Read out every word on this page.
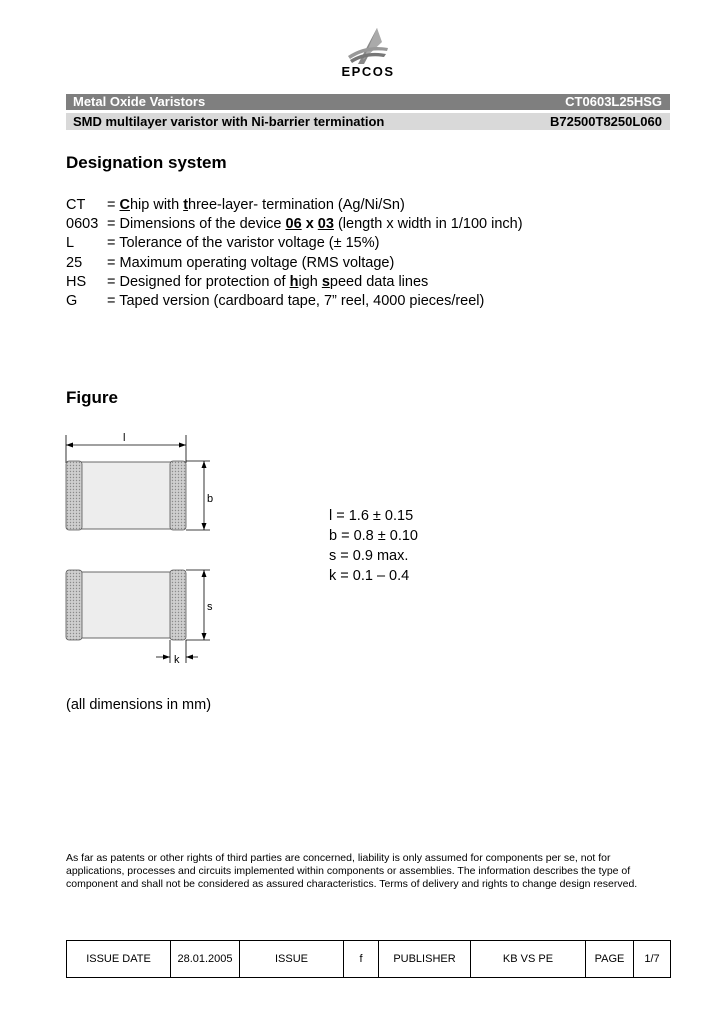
EPCOS
Metal Oxide Varistors	CT0603L25HSG
SMD multilayer varistor with Ni-barrier termination	B72500T8250L060
Designation system
CT = Chip with three-layer- termination (Ag/Ni/Sn)
0603 = Dimensions of the device 06 x 03 (length x width in 1/100 inch)
L = Tolerance of the varistor voltage (± 15%)
25 = Maximum operating voltage (RMS voltage)
HS = Designed for protection of high speed data lines
G = Taped version (cardboard tape, 7” reel, 4000 pieces/reel)
Figure
l
b
s
k
l = 1.6 ± 0.15
b = 0.8 ± 0.10
s = 0.9 max.
k = 0.1 – 0.4
(all dimensions in mm)
As far as patents or other rights of third parties are concerned, liability is only assumed for components per se, not for applications, processes and circuits implemented within components or assemblies. The information describes the type of component and shall not be considered as assured characteristics. Terms of delivery and rights to change design reserved.
ISSUE DATE	28.01.2005	ISSUE	f	PUBLISHER	KB VS PE	PAGE	1/7
